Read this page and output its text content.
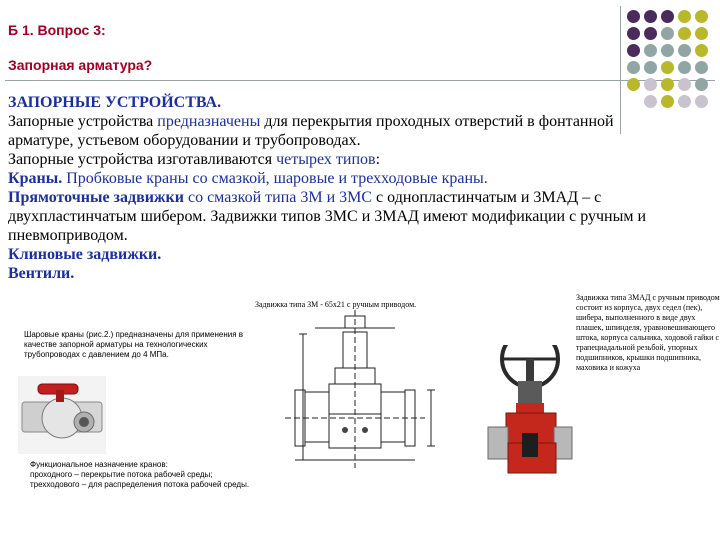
Б 1. Вопрос 3:
Запорная арматура?

ЗАПОРНЫЕ УСТРОЙСТВА.

Запорные устройства предназначены для перекрытия проходных отверстий в фонтанной арматуре, устьевом оборудовании и трубопроводах.

Запорные устройства изготавливаются четырех типов:

Краны. Пробковые краны со смазкой, шаровые и трехходовые краны.

Прямоточные задвижки со смазкой типа 3М и 3МС с однопластинчатым и 3МАД – с двухпластинчатым шибером. Задвижки типов 3МС и 3МАД имеют модификации с ручным и пневмоприводом.

Клиновые задвижки.

Вентили.

Задвижка типа 3М - 65х21 с ручным приводом.
Задвижка типа 3МАД с ручным приводом состоит из корпуса, двух седел (пек), шибера, выполненного в виде двух плашек, шпинделя, уравновешивающего штока, корпуса сальника, ходовой гайки с трапециадальной резьбой, упорных подшипников, крышки подшипника, маховика и кожуха
Шаровые краны (рис.2.) предназначены для применения в качестве запорной арматуры на технологических трубопроводах с давлением до 4 МПа.
Функциональное назначение кранов:
проходного – перекрытие потока рабочей среды;
трехходового – для распределения потока рабочей среды.
